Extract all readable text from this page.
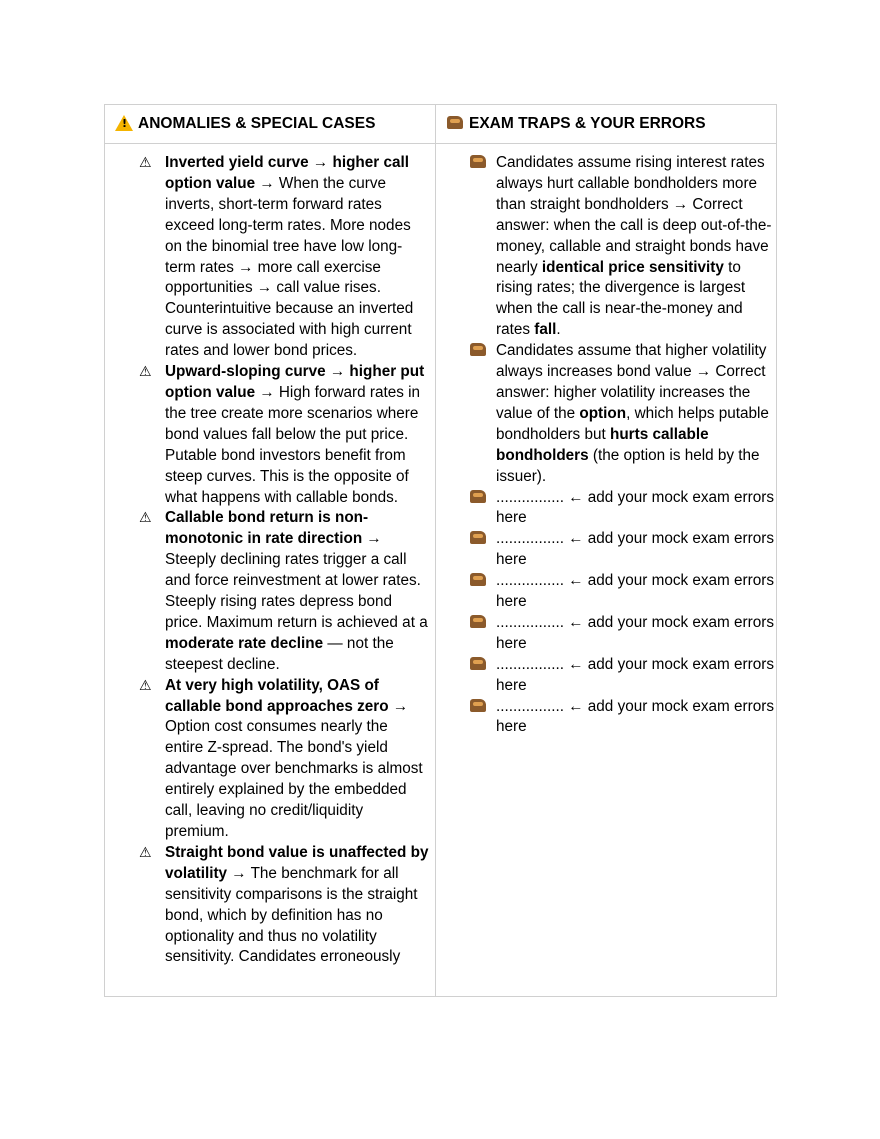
!
ANOMALIES & SPECIAL CASES	EXAM TRAPS & YOUR ERRORS
⚠ Inverted yield curve → higher call option value → When the curve inverts, short-term forward rates exceed long-term rates. More nodes on the binomial tree have low long-term rates → more call exercise opportunities → call value rises. Counterintuitive because an inverted curve is associated with high current rates and lower bond prices.
⚠ Upward-sloping curve → higher put option value → High forward rates in the tree create more scenarios where bond values fall below the put price. Putable bond investors benefit from steep curves. This is the opposite of what happens with callable bonds.
⚠ Callable bond return is non-monotonic in rate direction → Steeply declining rates trigger a call and force reinvestment at lower rates. Steeply rising rates depress bond price. Maximum return is achieved at a moderate rate decline — not the steepest decline.
⚠ At very high volatility, OAS of callable bond approaches zero → Option cost consumes nearly the entire Z-spread. The bond's yield advantage over benchmarks is almost entirely explained by the embedded call, leaving no credit/liquidity premium.
⚠ Straight bond value is unaffected by volatility → The benchmark for all sensitivity comparisons is the straight bond, which by definition has no optionality and thus no volatility sensitivity. Candidates erroneously
Candidates assume rising interest rates always hurt callable bondholders more than straight bondholders → Correct answer: when the call is deep out-of-the-money, callable and straight bonds have nearly identical price sensitivity to rising rates; the divergence is largest when the call is near-the-money and rates fall.
Candidates assume that higher volatility always increases bond value → Correct answer: higher volatility increases the value of the option, which helps putable bondholders but hurts callable bondholders (the option is held by the issuer).
................ ← add your mock exam errors here
................ ← add your mock exam errors here
................ ← add your mock exam errors here
................ ← add your mock exam errors here
................ ← add your mock exam errors here
................ ← add your mock exam errors here
